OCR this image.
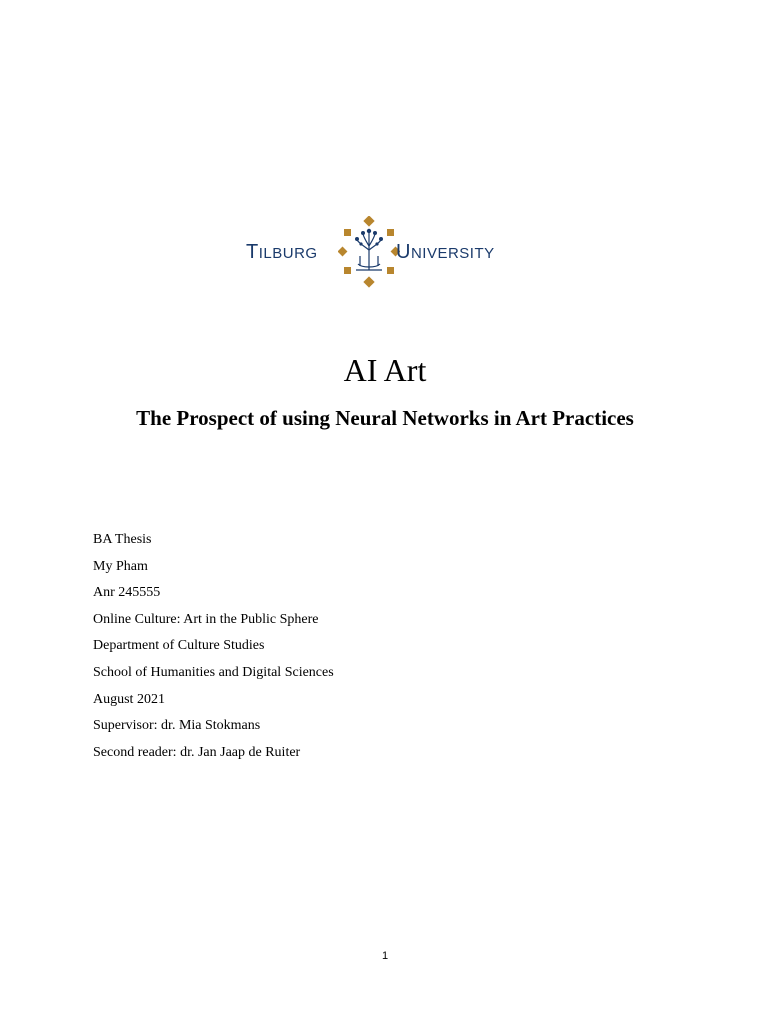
TILBURG	UNIVERSITY
AI Art
The Prospect of using Neural Networks in Art Practices
BA Thesis
My Pham
Anr 245555
Online Culture: Art in the Public Sphere
Department of Culture Studies
School of Humanities and Digital Sciences
August 2021
Supervisor: dr. Mia Stokmans
Second reader: dr. Jan Jaap de Ruiter
1
